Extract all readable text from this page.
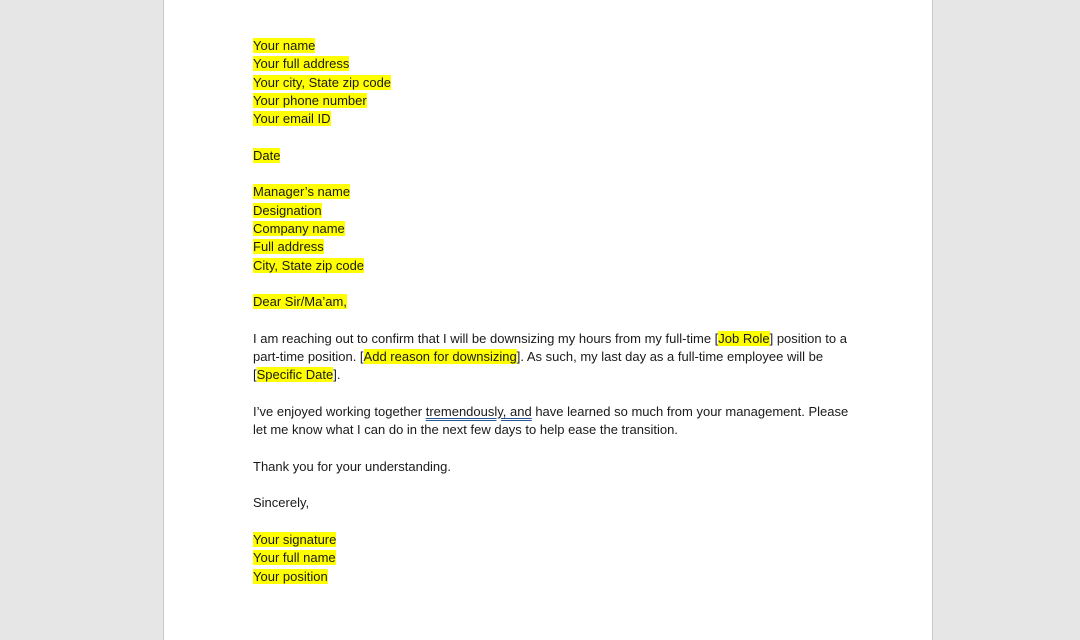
Your name
Your full address
Your city, State zip code
Your phone number
Your email ID
Date
Manager’s name
Designation
Company name
Full address
City, State zip code
Dear Sir/Ma’am,
I am reaching out to confirm that I will be downsizing my hours from my full-time [Job Role] position to a
part-time position. [Add reason for downsizing]. As such, my last day as a full-time employee will be
[Specific Date].
I’ve enjoyed working together tremendously, and have learned so much from your management. Please
let me know what I can do in the next few days to help ease the transition.
Thank you for your understanding.
Sincerely,
Your signature
Your full name
Your position
